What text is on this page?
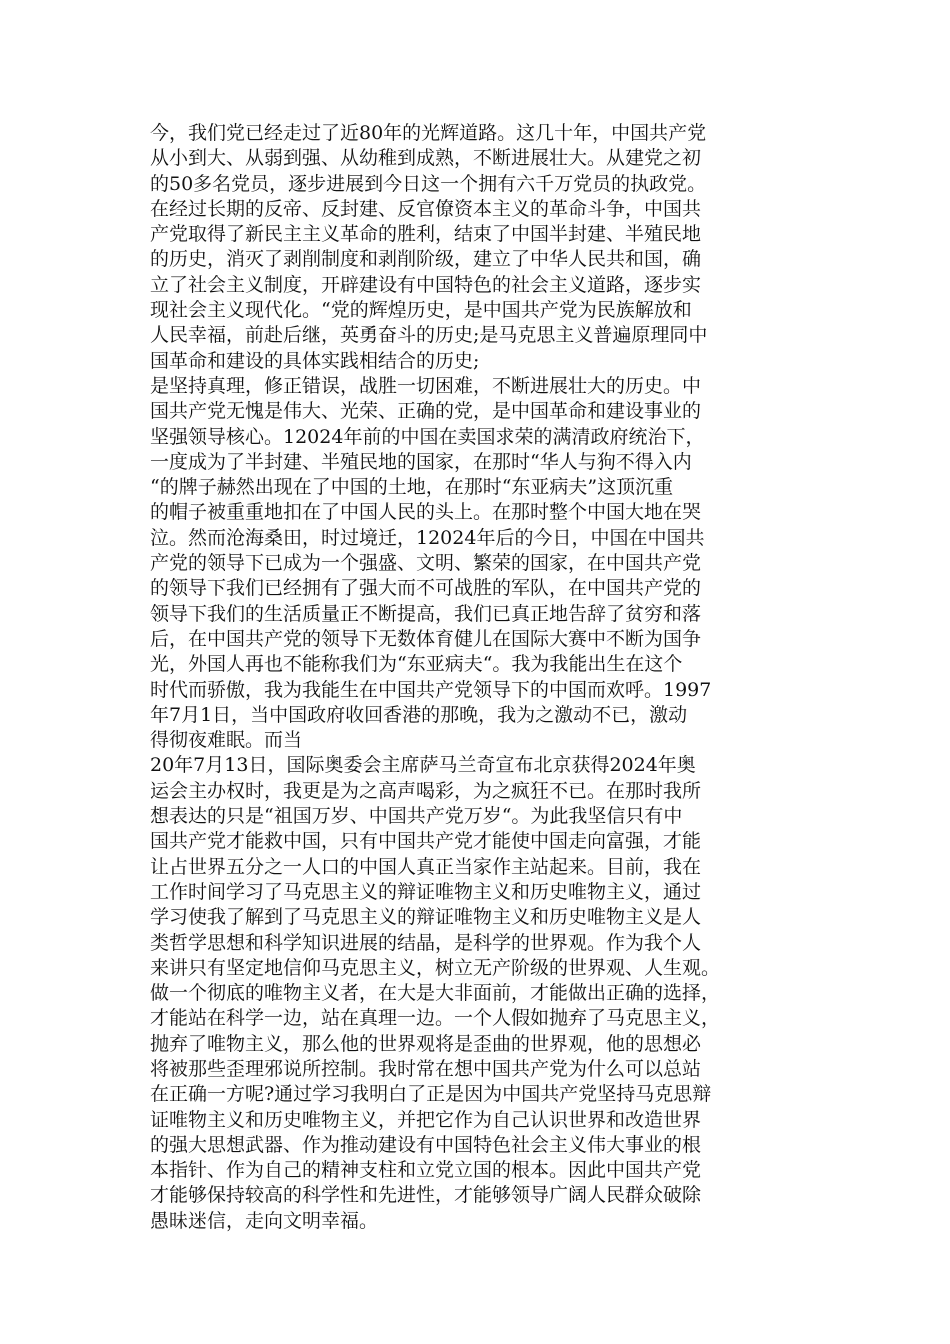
今，我们党已经走过了近80年的光辉道路。这几十年，中国共产党
从小到大、从弱到强、从幼稚到成熟，不断进展壮大。从建党之初
的50多名党员，逐步进展到今日这一个拥有六千万党员的执政党。
在经过长期的反帝、反封建、反官僚资本主义的革命斗争，中国共
产党取得了新民主主义革命的胜利，结束了中国半封建、半殖民地
的历史，消灭了剥削制度和剥削阶级，建立了中华人民共和国，确
立了社会主义制度，开辟建设有中国特色的社会主义道路，逐步实
现社会主义现代化。“党的辉煌历史，是中国共产党为民族解放和
人民幸福，前赴后继，英勇奋斗的历史;是马克思主义普遍原理同中
国革命和建设的具体实践相结合的历史;
是坚持真理，修正错误，战胜一切困难，不断进展壮大的历史。中
国共产党无愧是伟大、光荣、正确的党，是中国革命和建设事业的
坚强领导核心。12024年前的中国在卖国求荣的满清政府统治下，
一度成为了半封建、半殖民地的国家，在那时“华人与狗不得入内
“的牌子赫然出现在了中国的土地，在那时“东亚病夫”这顶沉重
的帽子被重重地扣在了中国人民的头上。在那时整个中国大地在哭
泣。然而沧海桑田，时过境迁，12024年后的今日，中国在中国共
产党的领导下已成为一个强盛、文明、繁荣的国家，在中国共产党
的领导下我们已经拥有了强大而不可战胜的军队，在中国共产党的
领导下我们的生活质量正不断提高，我们已真正地告辞了贫穷和落
后，在中国共产党的领导下无数体育健儿在国际大赛中不断为国争
光，外国人再也不能称我们为“东亚病夫“。我为我能出生在这个
时代而骄傲，我为我能生在中国共产党领导下的中国而欢呼。1997
年7月1日，当中国政府收回香港的那晚，我为之激动不已，激动
得彻夜难眠。而当
20年7月13日，国际奥委会主席萨马兰奇宣布北京获得2024年奥
运会主办权时，我更是为之高声喝彩，为之疯狂不已。在那时我所
想表达的只是“祖国万岁、中国共产党万岁“。为此我坚信只有中
国共产党才能救中国，只有中国共产党才能使中国走向富强，才能
让占世界五分之一人口的中国人真正当家作主站起来。目前，我在
工作时间学习了马克思主义的辩证唯物主义和历史唯物主义，通过
学习使我了解到了马克思主义的辩证唯物主义和历史唯物主义是人
类哲学思想和科学知识进展的结晶，是科学的世界观。作为我个人
来讲只有坚定地信仰马克思主义，树立无产阶级的世界观、人生观。
做一个彻底的唯物主义者，在大是大非面前，才能做出正确的选择，
才能站在科学一边，站在真理一边。一个人假如抛弃了马克思主义，
抛弃了唯物主义，那么他的世界观将是歪曲的世界观，他的思想必
将被那些歪理邪说所控制。我时常在想中国共产党为什么可以总站
在正确一方呢?通过学习我明白了正是因为中国共产党坚持马克思辩
证唯物主义和历史唯物主义，并把它作为自己认识世界和改造世界
的强大思想武器、作为推动建设有中国特色社会主义伟大事业的根
本指针、作为自己的精神支柱和立党立国的根本。因此中国共产党
才能够保持较高的科学性和先进性，才能够领导广阔人民群众破除
愚昧迷信，走向文明幸福。
